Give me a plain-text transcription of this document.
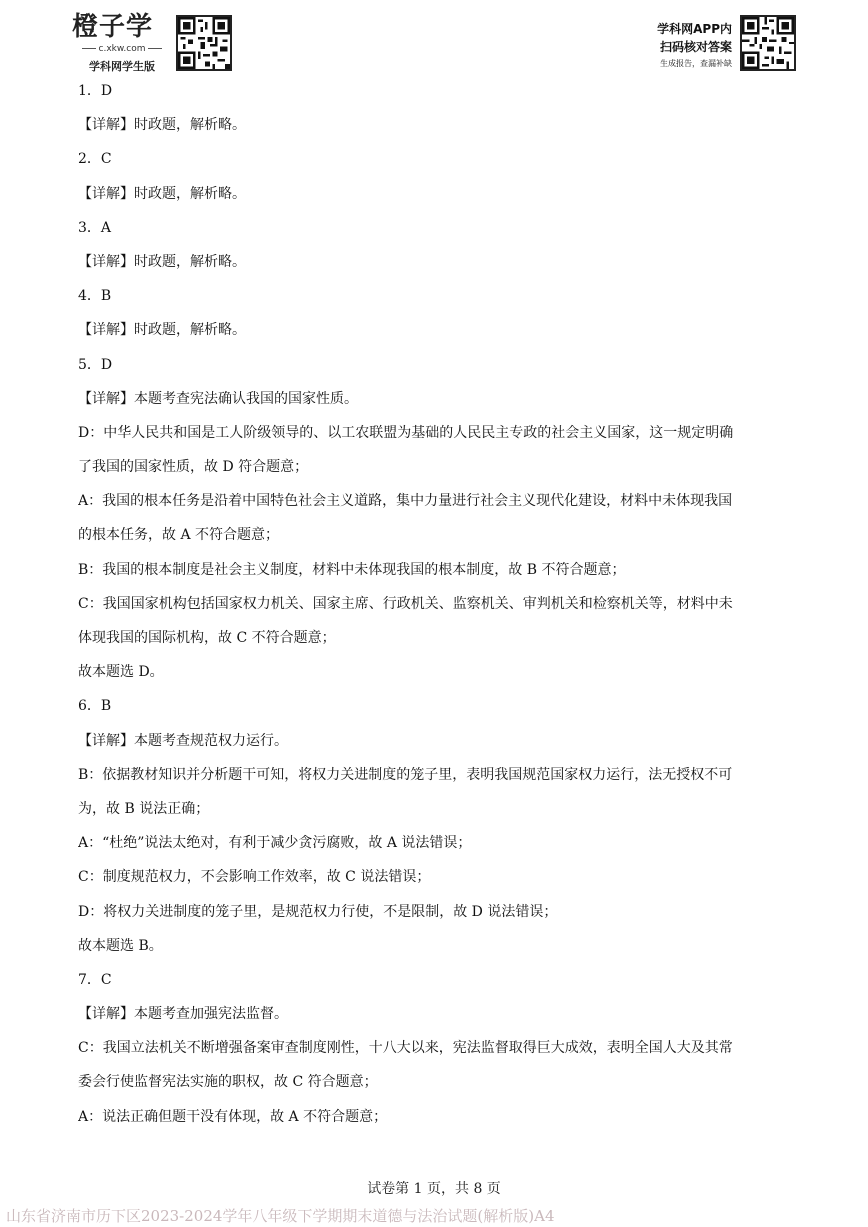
橙子学
c.xkw.com
学科网学生版
学科网APP内
扫码核对答案
生成报告，查漏补缺
1．D
【详解】时政题，解析略。
2．C
【详解】时政题，解析略。
3．A
【详解】时政题，解析略。
4．B
【详解】时政题，解析略。
5．D
【详解】本题考查宪法确认我国的国家性质。
D：中华人民共和国是工人阶级领导的、以工农联盟为基础的人民民主专政的社会主义国家，这一规定明确
了我国的国家性质，故 D 符合题意；
A：我国的根本任务是沿着中国特色社会主义道路，集中力量进行社会主义现代化建设，材料中未体现我国
的根本任务，故 A 不符合题意；
B：我国的根本制度是社会主义制度，材料中未体现我国的根本制度，故 B 不符合题意；
C：我国国家机构包括国家权力机关、国家主席、行政机关、监察机关、审判机关和检察机关等，材料中未
体现我国的国际机构，故 C 不符合题意；
故本题选 D。
6．B
【详解】本题考查规范权力运行。
B：依据教材知识并分析题干可知，将权力关进制度的笼子里，表明我国规范国家权力运行，法无授权不可
为，故 B 说法正确；
A：“杜绝”说法太绝对，有利于减少贪污腐败，故 A 说法错误；
C：制度规范权力，不会影响工作效率，故 C 说法错误；
D：将权力关进制度的笼子里，是规范权力行使，不是限制，故 D 说法错误；
故本题选 B。
7．C
【详解】本题考查加强宪法监督。
C：我国立法机关不断增强备案审查制度刚性，十八大以来，宪法监督取得巨大成效，表明全国人大及其常
委会行使监督宪法实施的职权，故 C 符合题意；
A：说法正确但题干没有体现，故 A 不符合题意；
试卷第 1 页，共 8 页
山东省济南市历下区2023-2024学年八年级下学期期末道德与法治试题(解析版)A4
